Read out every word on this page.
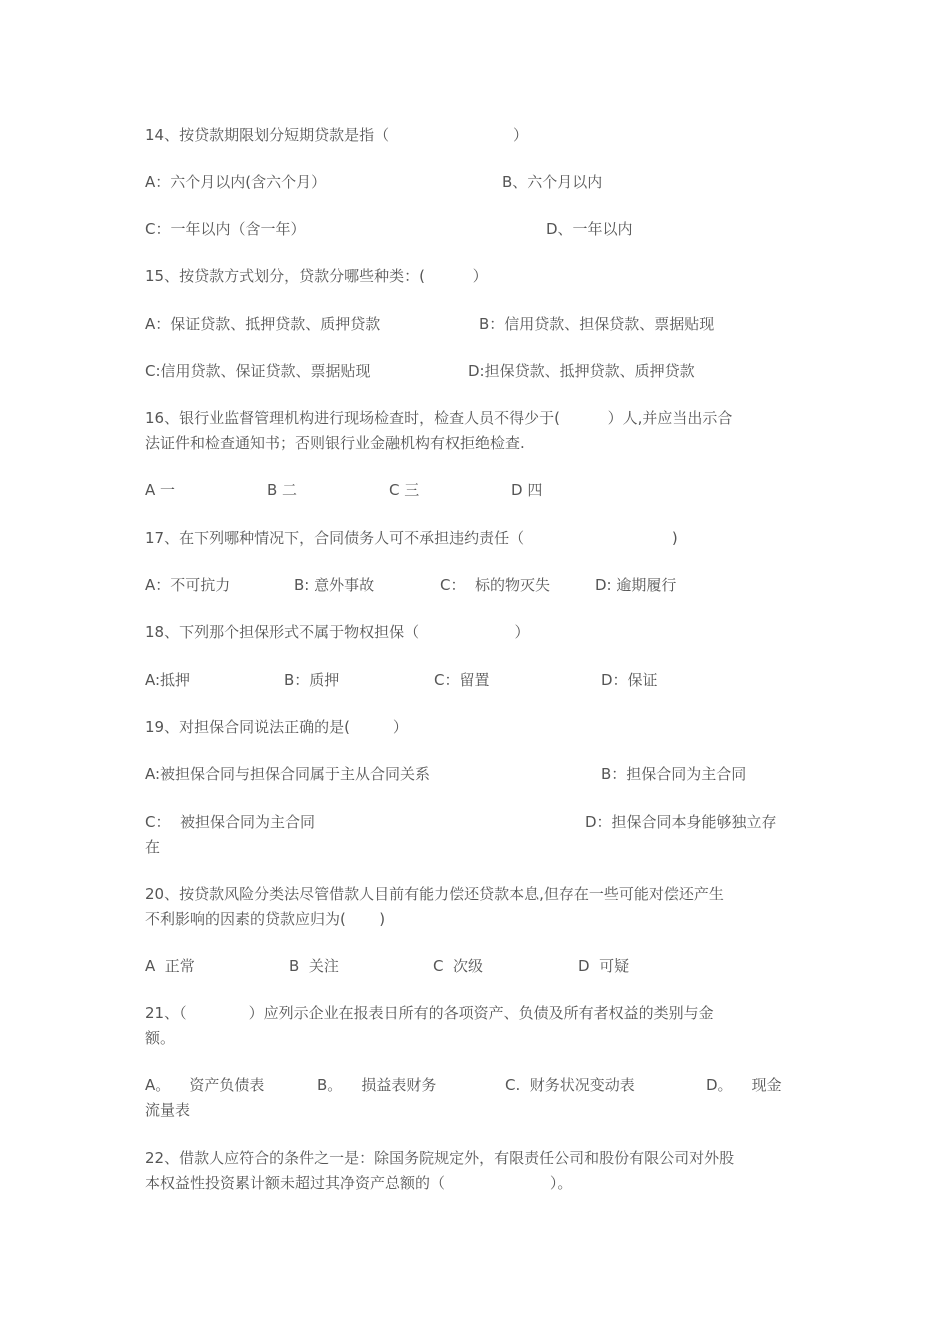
14、按贷款期限划分短期贷款是指（                          ）
A：六个月以内(含六个月）	B、六个月以内
C：一年以内（含一年）	D、一年以内
15、按贷款方式划分，贷款分哪些种类：(          ）
A：保证贷款、抵押贷款、质押贷款	B：信用贷款、担保贷款、票据贴现
C:信用贷款、保证贷款、票据贴现	D:担保贷款、抵押贷款、质押贷款
16、银行业监督管理机构进行现场检查时，检查人员不得少于(          ）人,并应当出示合
法证件和检查通知书；否则银行业金融机构有权拒绝检查.
A 一	B 二	C 三	D 四
17、在下列哪种情况下，合同债务人可不承担违约责任（                               )
A：不可抗力	B: 意外事故	C：  标的物灭失	D: 逾期履行
18、下列那个担保形式不属于物权担保（                    ）
A:抵押	B：质押	C：留置	D：保证
19、对担保合同说法正确的是(         ）
A:被担保合同与担保合同属于主从合同关系	B：担保合同为主合同
C：  被担保合同为主合同	D：担保合同本身能够独立存
在
20、按贷款风险分类法尽管借款人目前有能力偿还贷款本息,但存在一些可能对偿还产生
不利影响的因素的贷款应归为(       )
A  正常	B  关注	C  次级	D  可疑
21、（             ）应列示企业在报表日所有的各项资产、负债及所有者权益的类别与金
额。
A。    资产负债表	B。    损益表财务	C.  财务状况变动表	D。    现金
流量表
22、借款人应符合的条件之一是：除国务院规定外，有限责任公司和股份有限公司对外股
本权益性投资累计额未超过其净资产总额的（                      ）。
